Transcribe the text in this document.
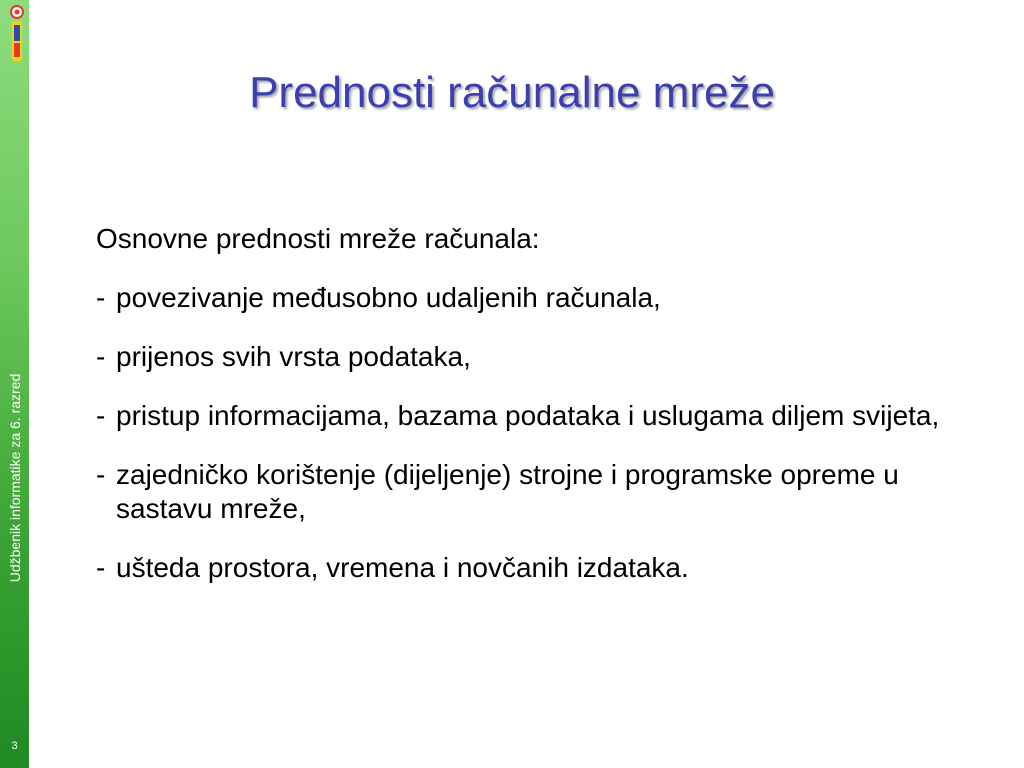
Udžbenik informatike za 6. razred
3
Prednosti računalne mreže

Osnovne prednosti mreže računala:

- povezivanje međusobno udaljenih računala,
- prijenos svih vrsta podataka,
- pristup informacijama, bazama podataka i uslugama diljem svijeta,
- zajedničko korištenje (dijeljenje) strojne i programske opreme u sastavu mreže,
- ušteda prostora, vremena i novčanih izdataka.
